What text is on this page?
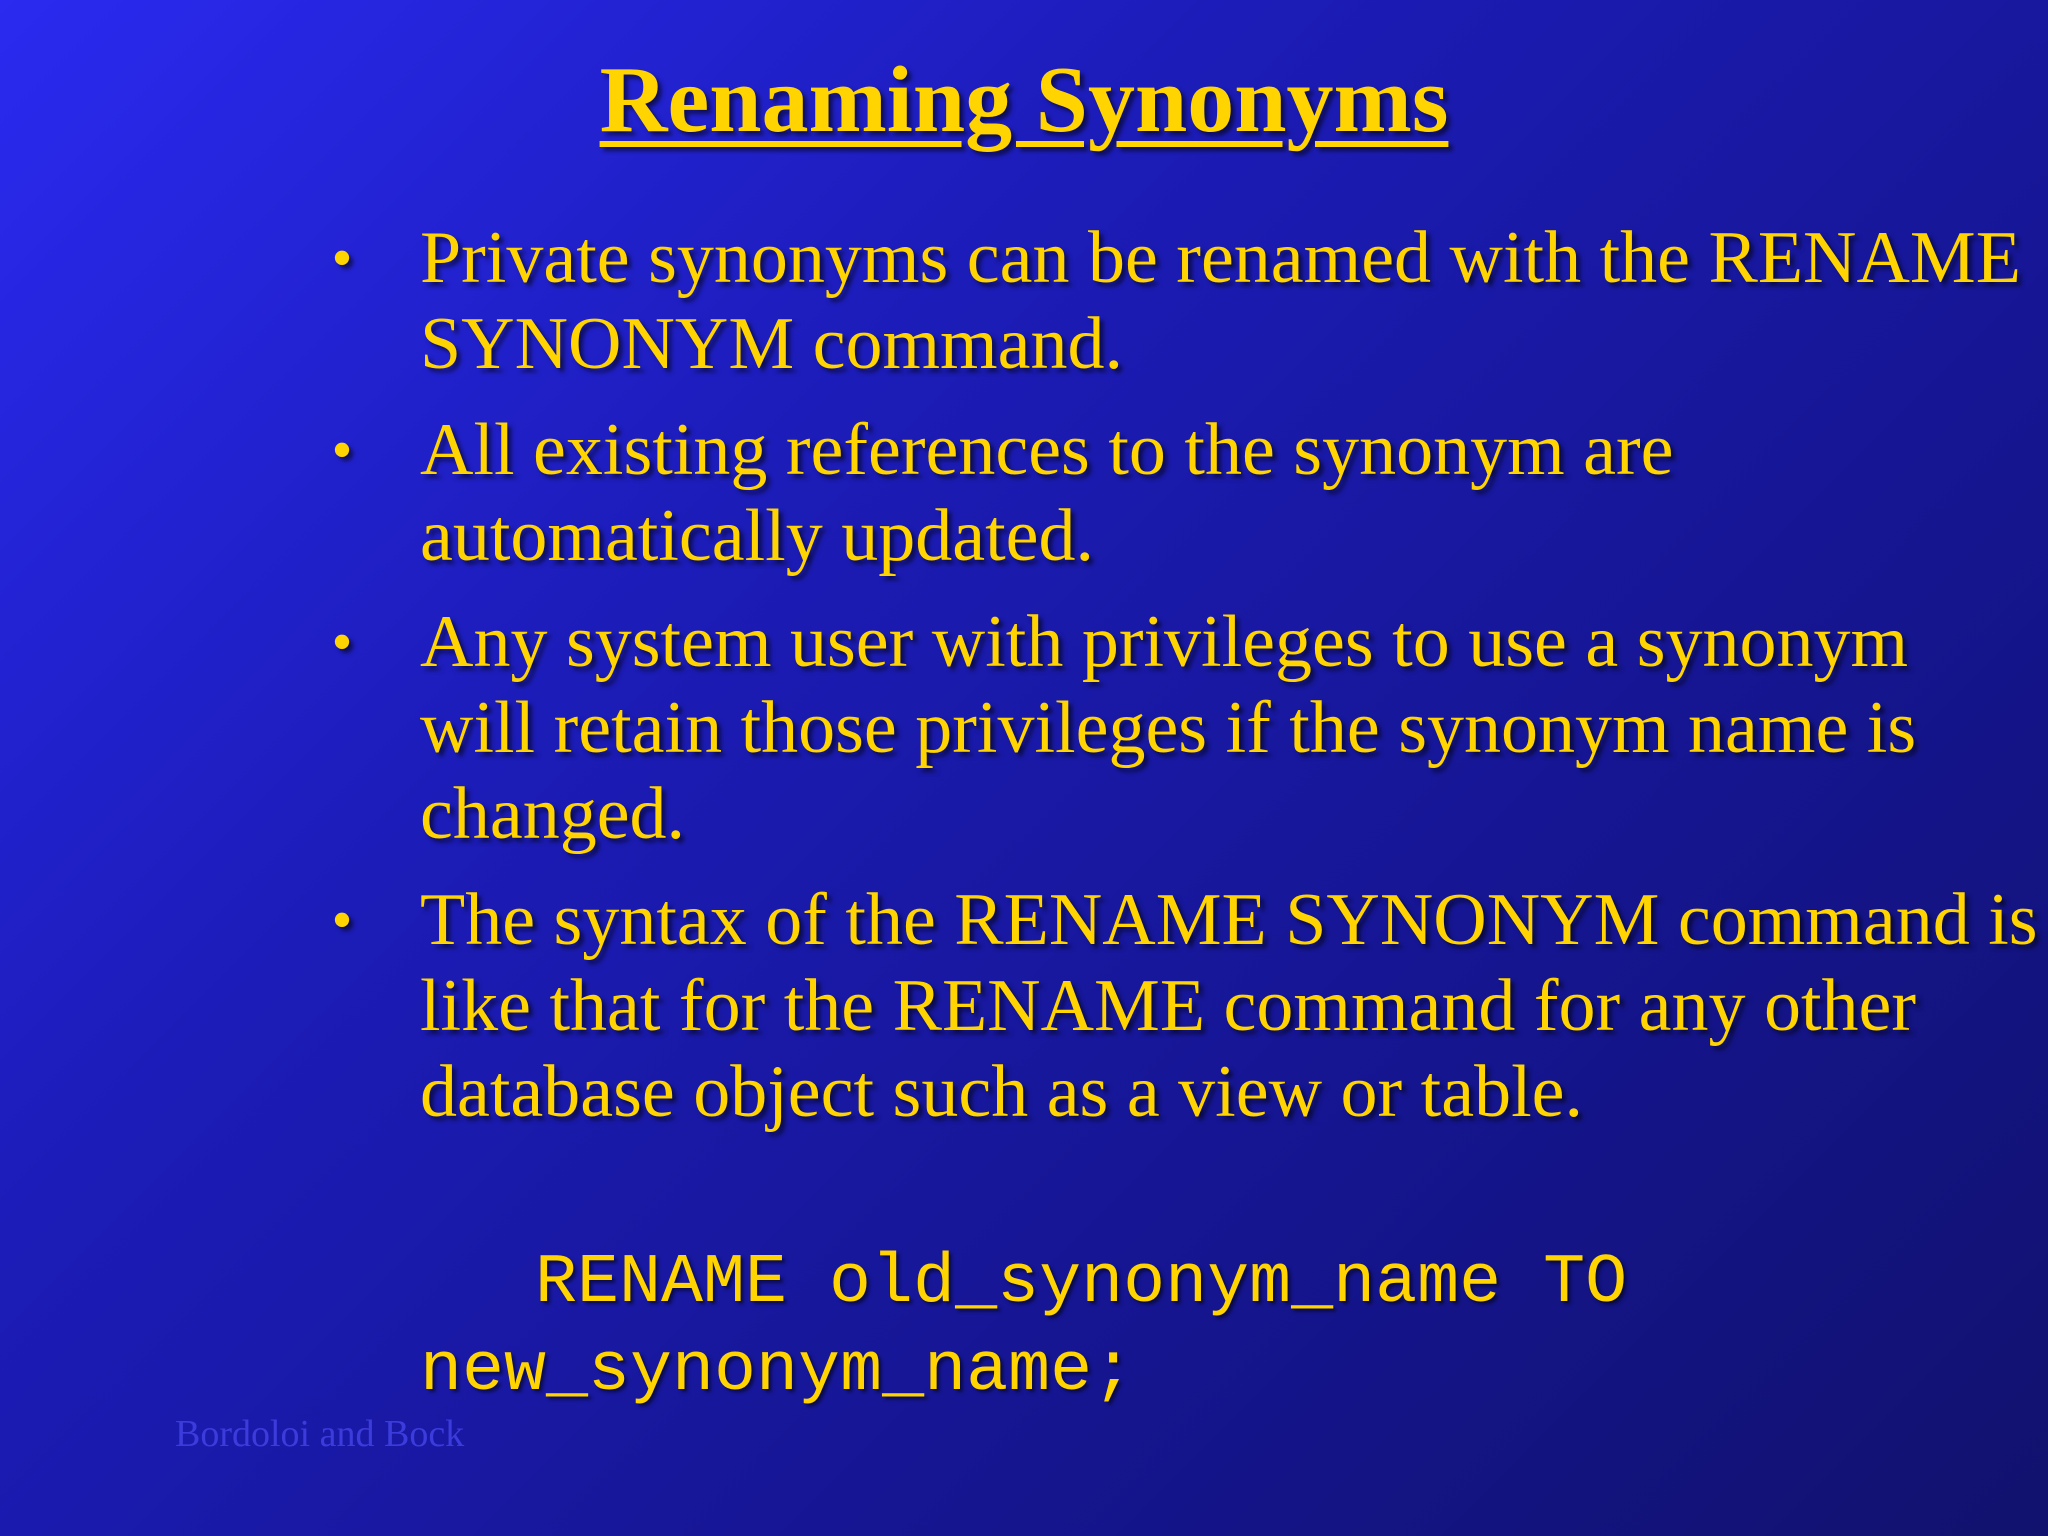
Renaming Synonyms
• Private synonyms can be renamed with the RENAME SYNONYM command.
• All existing references to the synonym are automatically updated.
• Any system user with privileges to use a synonym will retain those privileges if the synonym name is changed.
• The syntax of the RENAME SYNONYM command is like that for the RENAME command for any other database object such as a view or table.
RENAME old_synonym_name TO new_synonym_name;
Bordoloi and Bock
